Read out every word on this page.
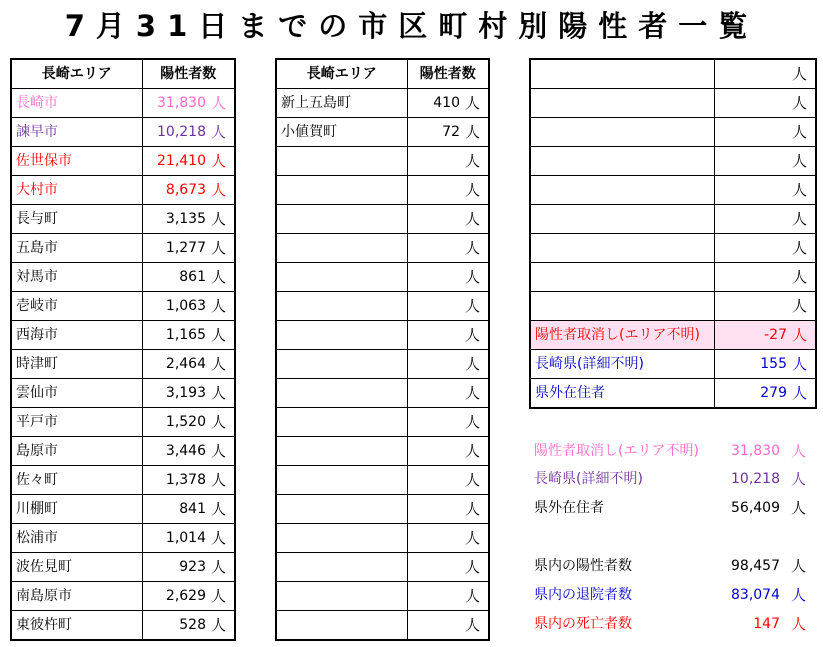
7月31日までの市区町村別陽性者一覧
長崎エリア	陽性者数
長崎市	31,830 人

諫早市	10,218 人

佐世保市	21,410 人

大村市	8,673 人

長与町	3,135 人

五島市	1,277 人

対馬市	861 人

壱岐市	1,063 人

西海市	1,165 人

時津町	2,464 人

雲仙市	3,193 人

平戸市	1,520 人

島原市	3,446 人

佐々町	1,378 人

川棚町	841 人

松浦市	1,014 人

波佐見町	923 人

南島原市	2,629 人

東彼杵町	528 人
長崎エリア	陽性者数
新上五島町	410 人

小値賀町	72 人

	人

	人

	人

	人

	人

	人

	人

	人

	人

	人

	人

	人

	人

	人

	人

	人

	人

	人

	人

	人

	人

	人

	人

	人

	人

	人

陽性者取消し(エリア不明)	-27 人

長崎県(詳細不明)	155 人

県外在住者	279 人
陽性者取消し(エリア不明) 31,830 人
長崎県(詳細不明)	10,218 人
県外在住者	56,409 人
県内の陽性者数	98,457 人
県内の退院者数	83,074 人
県内の死亡者数	147 人
